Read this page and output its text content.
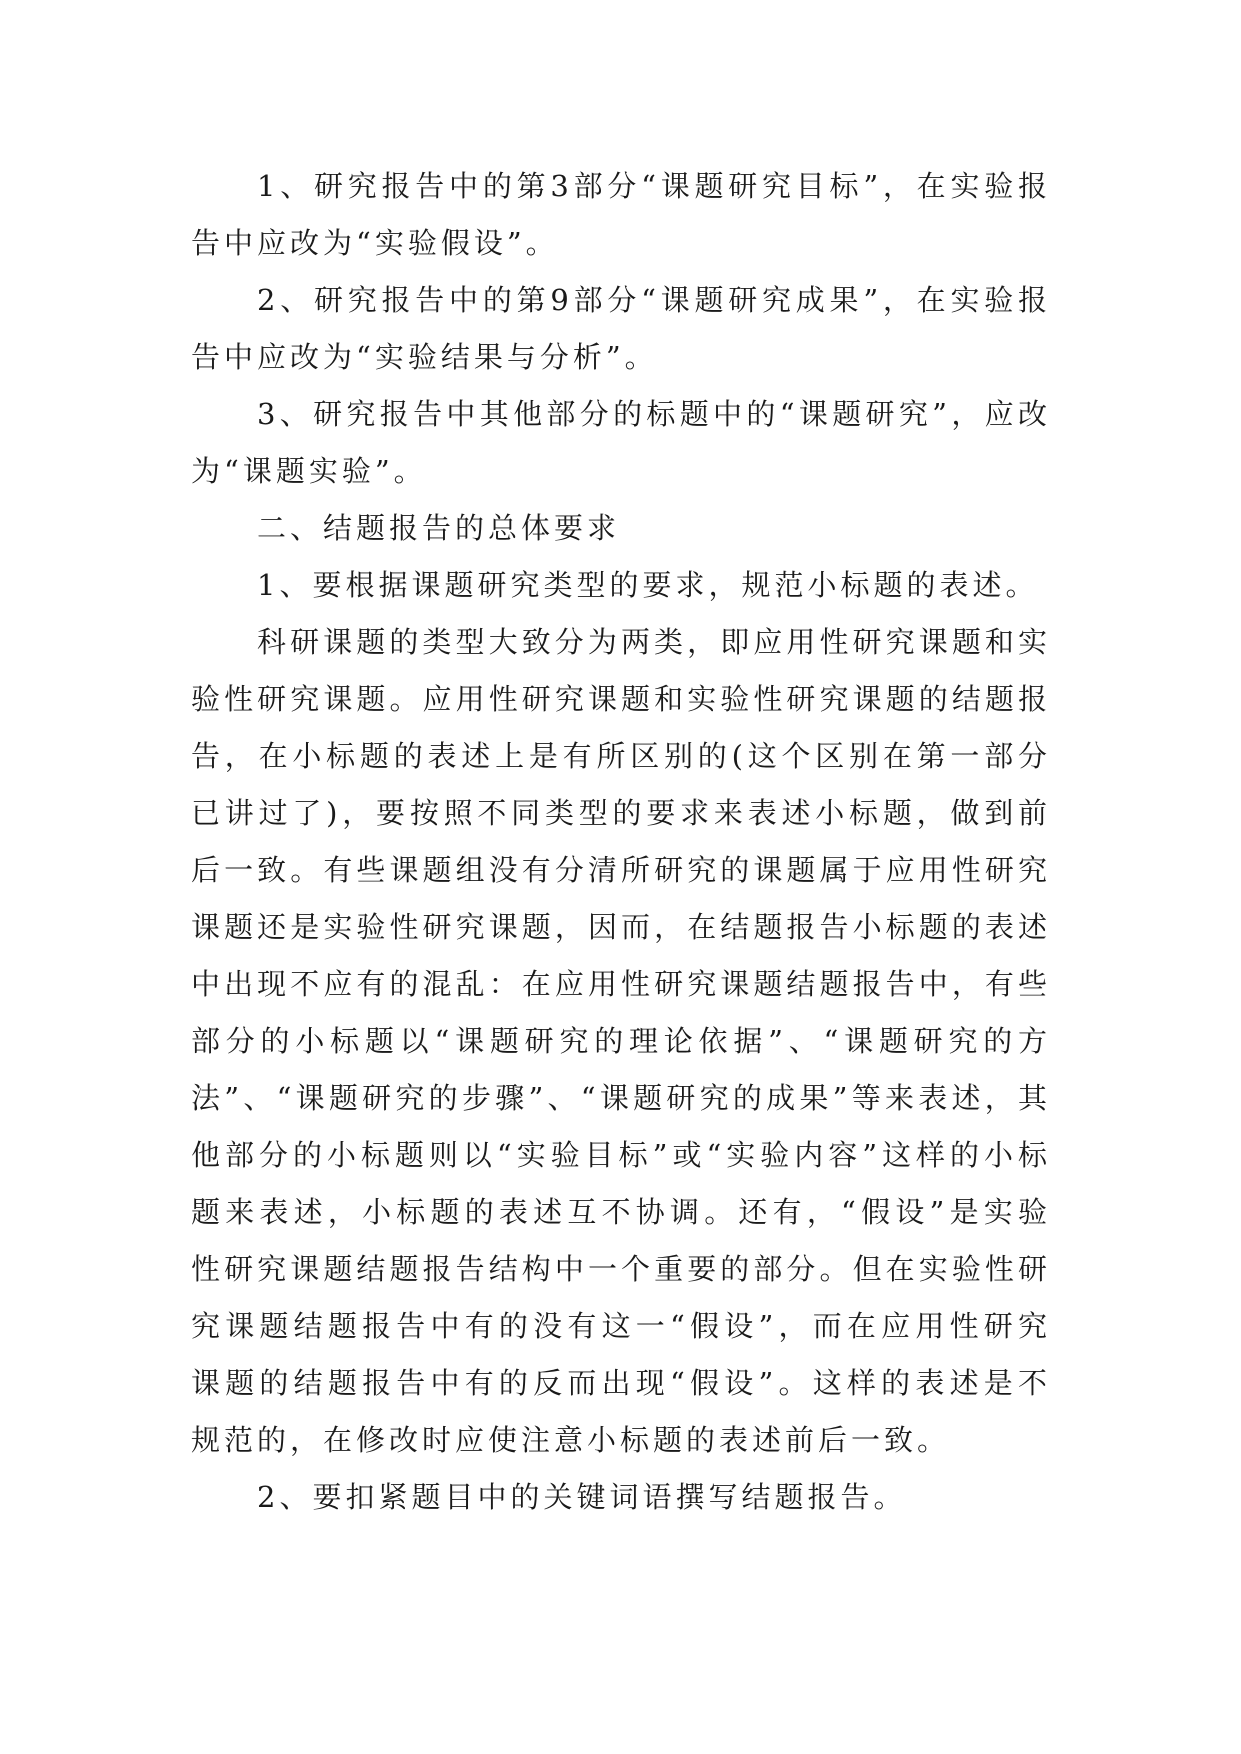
1、研究报告中的第3部分“课题研究目标”，在实验报告中应改为“实验假设”。

2、研究报告中的第9部分“课题研究成果”，在实验报告中应改为“实验结果与分析”。

3、研究报告中其他部分的标题中的“课题研究”，应改为“课题实验”。

二、结题报告的总体要求

1、要根据课题研究类型的要求，规范小标题的表述。

科研课题的类型大致分为两类，即应用性研究课题和实验性研究课题。应用性研究课题和实验性研究课题的结题报告，在小标题的表述上是有所区别的(这个区别在第一部分已讲过了)，要按照不同类型的要求来表述小标题，做到前后一致。有些课题组没有分清所研究的课题属于应用性研究课题还是实验性研究课题，因而，在结题报告小标题的表述中出现不应有的混乱：在应用性研究课题结题报告中，有些部分的小标题以“课题研究的理论依据”、“课题研究的方法”、“课题研究的步骤”、“课题研究的成果”等来表述，其他部分的小标题则以“实验目标”或“实验内容”这样的小标题来表述，小标题的表述互不协调。还有，“假设”是实验性研究课题结题报告结构中一个重要的部分。但在实验性研究课题结题报告中有的没有这一“假设”，而在应用性研究课题的结题报告中有的反而出现“假设”。这样的表述是不规范的，在修改时应使注意小标题的表述前后一致。

2、要扣紧题目中的关键词语撰写结题报告。
